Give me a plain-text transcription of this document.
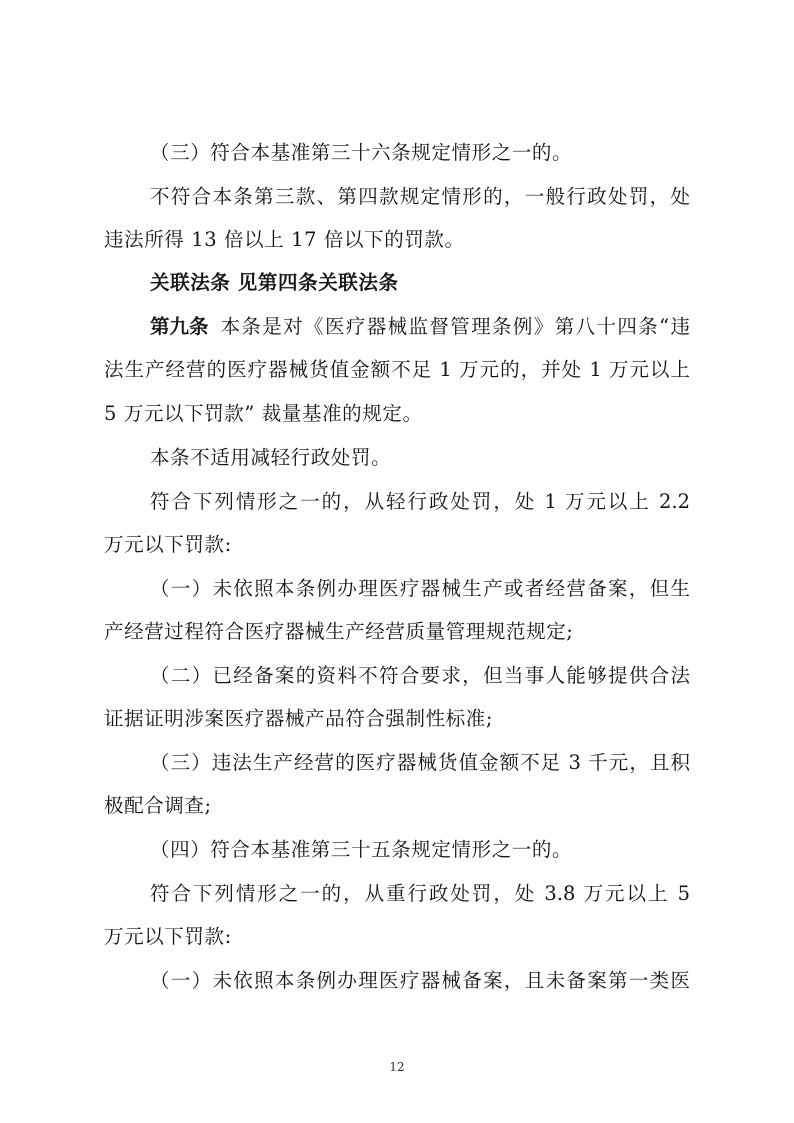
（三）符合本基准第三十六条规定情形之一的。
不符合本条第三款、第四款规定情形的，一般行政处罚，处
违法所得 13 倍以上 17 倍以下的罚款。
关联法条 见第四条关联法条
第九条 本条是对《医疗器械监督管理条例》第八十四条“违
法生产经营的医疗器械货值金额不足 1 万元的，并处 1 万元以上
5 万元以下罚款” 裁量基准的规定。
本条不适用减轻行政处罚。
符合下列情形之一的，从轻行政处罚，处 1 万元以上 2.2
万元以下罚款:
（一）未依照本条例办理医疗器械生产或者经营备案，但生
产经营过程符合医疗器械生产经营质量管理规范规定;
（二）已经备案的资料不符合要求，但当事人能够提供合法
证据证明涉案医疗器械产品符合强制性标准;
（三）违法生产经营的医疗器械货值金额不足 3 千元，且积
极配合调查;
（四）符合本基准第三十五条规定情形之一的。
符合下列情形之一的，从重行政处罚，处 3.8 万元以上 5
万元以下罚款:
（一）未依照本条例办理医疗器械备案，且未备案第一类医
12
